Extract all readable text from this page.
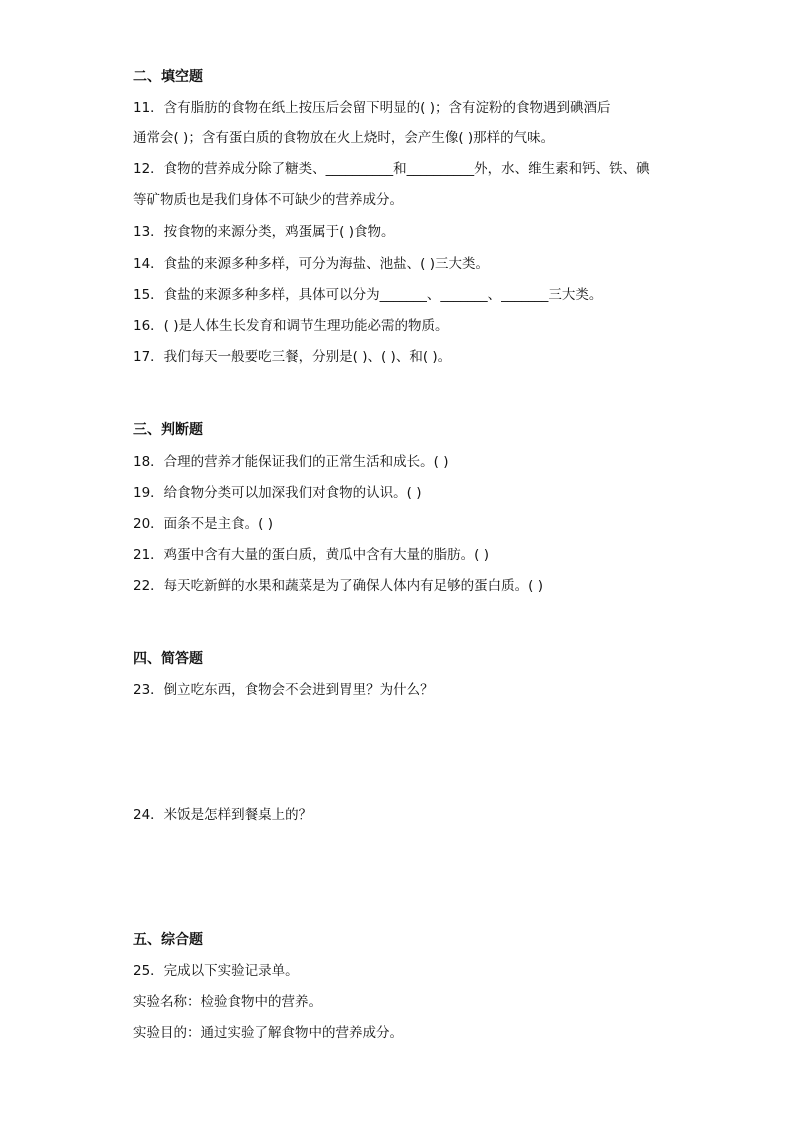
二、填空题
11．含有脂肪的食物在纸上按压后会留下明显的( )；含有淀粉的食物遇到碘酒后
通常会( )；含有蛋白质的食物放在火上烧时，会产生像( )那样的气味。
12．食物的营养成分除了糖类、__________和__________外，水、维生素和钙、铁、碘
等矿物质也是我们身体不可缺少的营养成分。
13．按食物的来源分类，鸡蛋属于( )食物。
14．食盐的来源多种多样，可分为海盐、池盐、( )三大类。
15．食盐的来源多种多样，具体可以分为_______、_______、_______三大类。
16．( )是人体生长发育和调节生理功能必需的物质。
17．我们每天一般要吃三餐，分别是( )、( )、和( )。
三、判断题
18．合理的营养才能保证我们的正常生活和成长。( )
19．给食物分类可以加深我们对食物的认识。( )
20．面条不是主食。( )
21．鸡蛋中含有大量的蛋白质，黄瓜中含有大量的脂肪。( )
22．每天吃新鲜的水果和蔬菜是为了确保人体内有足够的蛋白质。( )
四、简答题
23．倒立吃东西，食物会不会进到胃里？为什么？
24．米饭是怎样到餐桌上的？
五、综合题
25．完成以下实验记录单。
实验名称：检验食物中的营养。
实验目的：通过实验了解食物中的营养成分。
